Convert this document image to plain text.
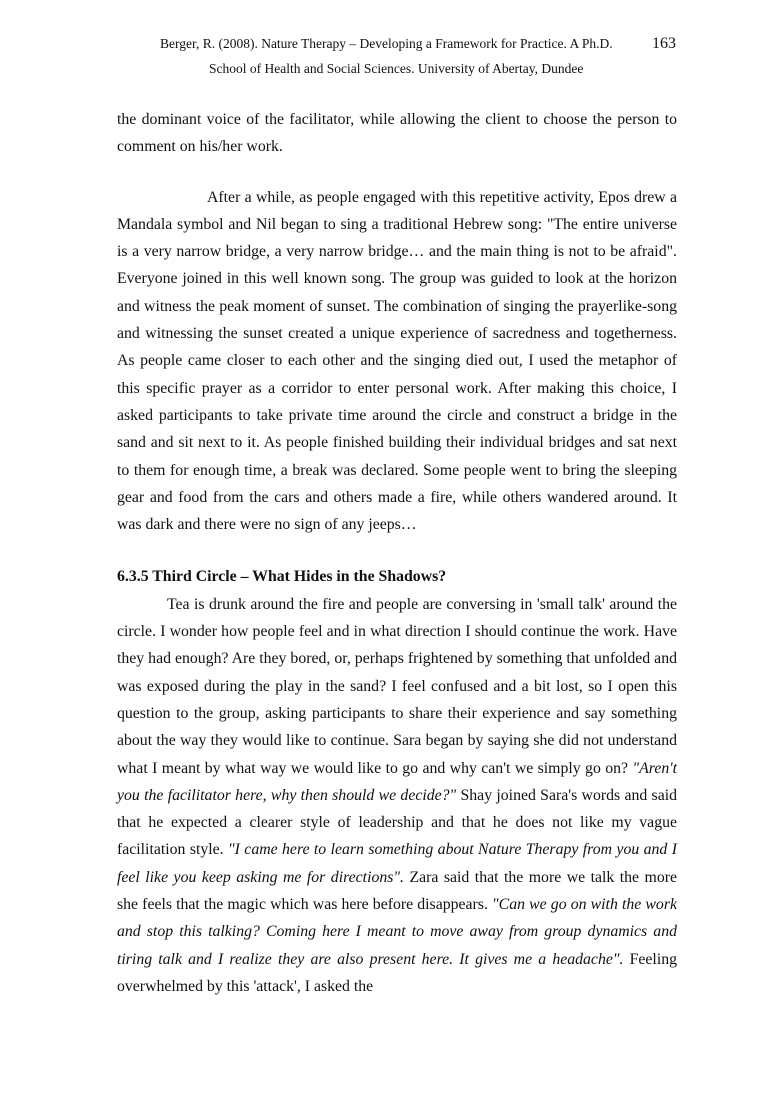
Berger, R. (2008). Nature Therapy – Developing a Framework for Practice. A Ph.D. 163
School of Health and Social Sciences. University of Abertay, Dundee

the dominant voice of the facilitator, while allowing the client to choose the person to comment on his/her work.

After a while, as people engaged with this repetitive activity, Epos drew a Mandala symbol and Nil began to sing a traditional Hebrew song: "The entire universe is a very narrow bridge, a very narrow bridge… and the main thing is not to be afraid". Everyone joined in this well known song. The group was guided to look at the horizon and witness the peak moment of sunset. The combination of singing the prayerlike-song and witnessing the sunset created a unique experience of sacredness and togetherness. As people came closer to each other and the singing died out, I used the metaphor of this specific prayer as a corridor to enter personal work. After making this choice, I asked participants to take private time around the circle and construct a bridge in the sand and sit next to it. As people finished building their individual bridges and sat next to them for enough time, a break was declared. Some people went to bring the sleeping gear and food from the cars and others made a fire, while others wandered around. It was dark and there were no sign of any jeeps…

6.3.5 Third Circle – What Hides in the Shadows?

Tea is drunk around the fire and people are conversing in 'small talk' around the circle. I wonder how people feel and in what direction I should continue the work. Have they had enough? Are they bored, or, perhaps frightened by something that unfolded and was exposed during the play in the sand? I feel confused and a bit lost, so I open this question to the group, asking participants to share their experience and say something about the way they would like to continue. Sara began by saying she did not understand what I meant by what way we would like to go and why can't we simply go on? "Aren't you the facilitator here, why then should we decide?" Shay joined Sara's words and said that he expected a clearer style of leadership and that he does not like my vague facilitation style. "I came here to learn something about Nature Therapy from you and I feel like you keep asking me for directions". Zara said that the more we talk the more she feels that the magic which was here before disappears. "Can we go on with the work and stop this talking? Coming here I meant to move away from group dynamics and tiring talk and I realize they are also present here. It gives me a headache". Feeling overwhelmed by this 'attack', I asked the
